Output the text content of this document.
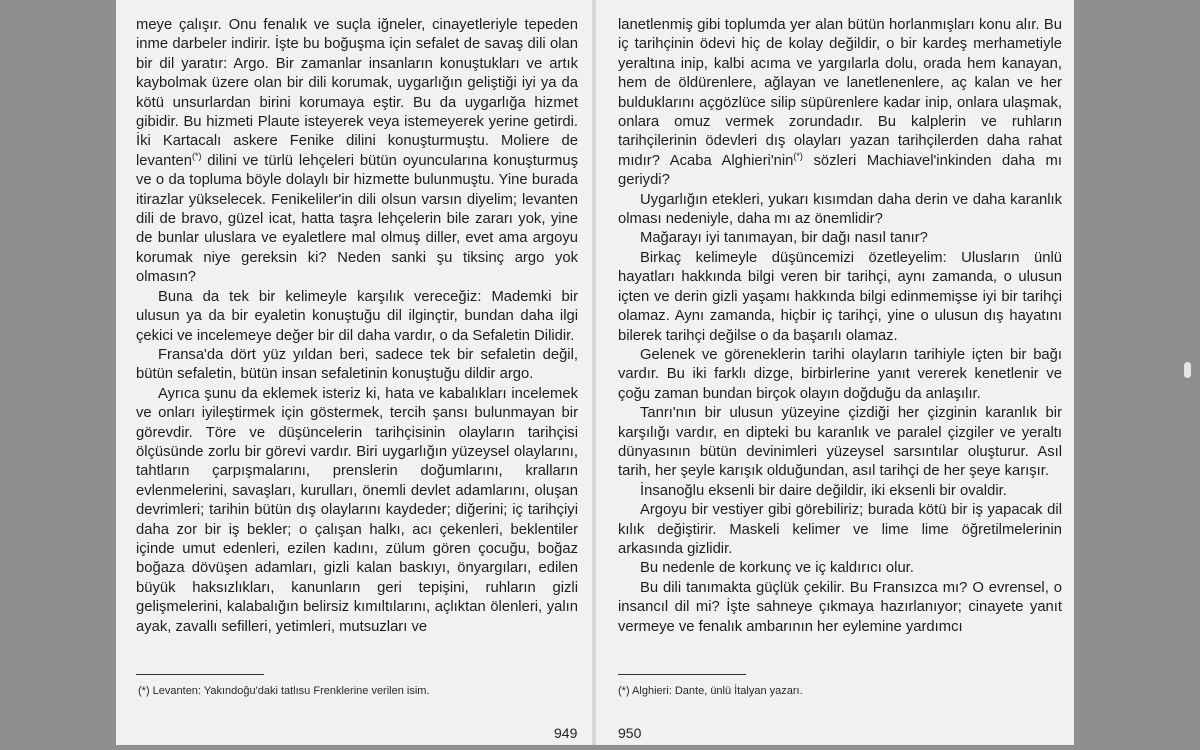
meye çalışır. Onu fenalık ve suçla iğneler, cinayetleriyle tepeden inme darbeler indirir. İşte bu boğuşma için sefalet de savaş dili olan bir dil yaratır: Argo. Bir zamanlar insanların konuştukları ve artık kaybolmak üzere olan bir dili korumak, uygarlığın geliştiği iyi ya da kötü unsurlardan birini korumaya eştir. Bu da uygarlığa hizmet gibidir. Bu hizmeti Plaute isteyerek veya istemeyerek yerine getirdi. İki Kartacalı askere Fenike dilini konuşturmuştu. Moliere de levanten(*) dilini ve türlü lehçeleri bütün oyuncularına konuşturmuş ve o da topluma böyle dolaylı bir hizmette bulunmuştu. Yine burada itirazlar yükselecek. Fenikeliler'in dili olsun varsın diyelim; levanten dili de bravo, güzel icat, hatta taşra lehçelerin bile zararı yok, yine de bunlar uluslara ve eyaletlere mal olmuş diller, evet ama argoyu korumak niye gereksin ki? Neden sanki şu tiksinç argo yok olmasın?

Buna da tek bir kelimeyle karşılık vereceğiz: Mademki bir ulusun ya da bir eyaletin konuştuğu dil ilginçtir, bundan daha ilgi çekici ve incelemeye değer bir dil daha vardır, o da Sefaletin Dilidir.

Fransa'da dört yüz yıldan beri, sadece tek bir sefaletin değil, bütün sefaletin, bütün insan sefaletinin konuştuğu dildir argo.

Ayrıca şunu da eklemek isteriz ki, hata ve kabalıkları incelemek ve onları iyileştirmek için göstermek, tercih şansı bulunmayan bir görevdir. Töre ve düşüncelerin tarihçisinin olayların tarihçisi ölçüsünde zorlu bir görevi vardır. Biri uygarlığın yüzeysel olaylarını, tahtların çarpışmalarını, prenslerin doğumlarını, kralların evlenmelerini, savaşları, kurulları, önemli devlet adamlarını, oluşan devrimleri; tarihin bütün dış olaylarını kaydeder; diğerini; iç tarihçiyi daha zor bir iş bekler; o çalışan halkı, acı çekenleri, beklentiler içinde umut edenleri, ezilen kadını, zülum gören çocuğu, boğaz boğaza dövüşen adamları, gizli kalan baskıyı, önyargıları, edilen büyük haksızlıkları, kanunların geri tepişini, ruhların gizli gelişmelerini, kalabalığın belirsiz kımıltılarını, açlıktan ölenleri, yalın ayak, zavallı sefilleri, yetimleri, mutsuzları ve

(*) Levanten: Yakındoğu'daki tatlısu Frenklerine verilen isim.
949

lanetlenmiş gibi toplumda yer alan bütün horlanmışları konu alır. Bu iç tarihçinin ödevi hiç de kolay değildir, o bir kardeş merhametiyle yeraltına inip, kalbi acıma ve yargılarla dolu, orada hem kanayan, hem de öldürenlere, ağlayan ve lanetlenenlere, aç kalan ve her bulduklarını açgözlüce silip süpürenlere kadar inip, onlara ulaşmak, onlara omuz vermek zorundadır. Bu kalplerin ve ruhların tarihçilerinin ödevleri dış olayları yazan tarihçilerden daha rahat mıdır? Acaba Alghieri'nin(*) sözleri Machiavel'inkinden daha mı geriydi?

Uygarlığın etekleri, yukarı kısımdan daha derin ve daha karanlık olması nedeniyle, daha mı az önemlidir?

Mağarayı iyi tanımayan, bir dağı nasıl tanır?

Birkaç kelimeyle düşüncemizi özetleyelim: Ulusların ünlü hayatları hakkında bilgi veren bir tarihçi, aynı zamanda, o ulusun içten ve derin gizli yaşamı hakkında bilgi edinmemişse iyi bir tarihçi olamaz. Aynı zamanda, hiçbir iç tarihçi, yine o ulusun dış hayatını bilerek tarihçi değilse o da başarılı olamaz.

Gelenek ve göreneklerin tarihi olayların tarihiyle içten bir bağı vardır. Bu iki farklı dizge, birbirlerine yanıt vererek kenetlenir ve çoğu zaman bundan birçok olayın doğduğu da anlaşılır.

Tanrı'nın bir ulusun yüzeyine çizdiği her çizginin karanlık bir karşılığı vardır, en dipteki bu karanlık ve paralel çizgiler ve yeraltı dünyasının bütün devinimleri yüzeysel sarsıntılar oluşturur. Asıl tarih, her şeyle karışık olduğundan, asıl tarihçi de her şeye karışır.

İnsanoğlu eksenli bir daire değildir, iki eksenli bir ovaldir.

Argoyu bir vestiyer gibi görebiliriz; burada kötü bir iş yapacak dil kılık değiştirir. Maskeli kelimer ve lime lime öğretilmelerinin arkasında gizlidir.

Bu nedenle de korkunç ve iç kaldırıcı olur.

Bu dili tanımakta güçlük çekilir. Bu Fransızca mı? O evrensel, o insancıl dil mi? İşte sahneye çıkmaya hazırlanıyor; cinayete yanıt vermeye ve fenalık ambarının her eylemine yardımcı

(*) Alghieri: Dante, ünlü İtalyan yazarı.
950
